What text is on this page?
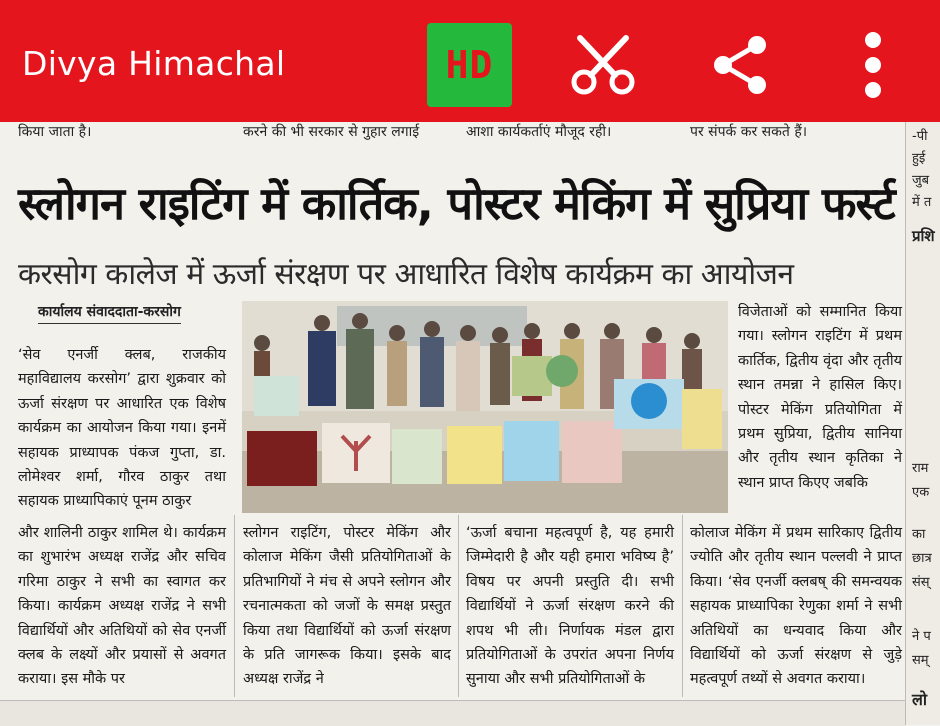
Divya Himachal	HD
किया जाता है।	करने की भी सरकार से गुहार लगाई	आशा कार्यकर्ताएं मौजूद रही।	पर संपर्क कर सकते हैं।
स्लोगन राइटिंग में कार्तिक, पोस्टर मेकिंग में सुप्रिया फर्स्ट
करसोग कालेज में ऊर्जा संरक्षण पर आधारित विशेष कार्यक्रम का आयोजन
कार्यालय संवाददाता-करसोग
‘सेव एनर्जी क्लब, राजकीय महाविद्यालय करसोग’ द्वारा शुक्रवार को ऊर्जा संरक्षण पर आधारित एक विशेष कार्यक्रम का आयोजन किया गया। इनमें सहायक प्राध्यापक पंकज गुप्ता, डा. लोमेश्वर शर्मा, गौरव ठाकुर तथा सहायक प्राध्यापिकाएं पूनम ठाकुर
विजेताओं को सम्मानित किया गया। स्लोगन राइटिंग में प्रथम कार्तिक, द्वितीय वृंदा और तृतीय स्थान तमन्ना ने हासिल किए। पोस्टर मेकिंग प्रतियोगिता में प्रथम सुप्रिया, द्वितीय सानिया और तृतीय स्थान कृतिका ने स्थान प्राप्त किएए जबकि
और शालिनी ठाकुर शामिल थे। कार्यक्रम का शुभारंभ अध्यक्ष राजेंद्र और सचिव गरिमा ठाकुर ने सभी का स्वागत कर किया। कार्यक्रम अध्यक्ष राजेंद्र ने सभी विद्यार्थियों और अतिथियों को सेव एनर्जी क्लब के लक्ष्यों और प्रयासों से अवगत कराया। इस मौके पर
स्लोगन राइटिंग, पोस्टर मेकिंग और कोलाज मेकिंग जैसी प्रतियोगिताओं के प्रतिभागियों ने मंच से अपने स्लोगन और रचनात्मकता को जजों के समक्ष प्रस्तुत किया तथा विद्यार्थियों को ऊर्जा संरक्षण के प्रति जागरूक किया। इसके बाद अध्यक्ष राजेंद्र ने
‘ऊर्जा बचाना महत्वपूर्ण है, यह हमारी जिम्मेदारी है और यही हमारा भविष्य है’ विषय पर अपनी प्रस्तुति दी। सभी विद्यार्थियों ने ऊर्जा संरक्षण करने की शपथ भी ली। निर्णायक मंडल द्वारा प्रतियोगिताओं के उपरांत अपना निर्णय सुनाया और सभी प्रतियोगिताओं के
कोलाज मेकिंग में प्रथम सारिकाए द्वितीय ज्योति और तृतीय स्थान पल्लवी ने प्राप्त किया। ‘सेव एनर्जी क्लबष् की समन्वयक सहायक प्राध्यापिका रेणुका शर्मा ने सभी अतिथियों का धन्यवाद किया और विद्यार्थियों को ऊर्जा संरक्षण से जुड़े महत्वपूर्ण तथ्यों से अवगत कराया।
-पी
हुई
जुब
में त
प्रशि
राम
एक
का
छात्र
संस्
ने प
सम्
लो
